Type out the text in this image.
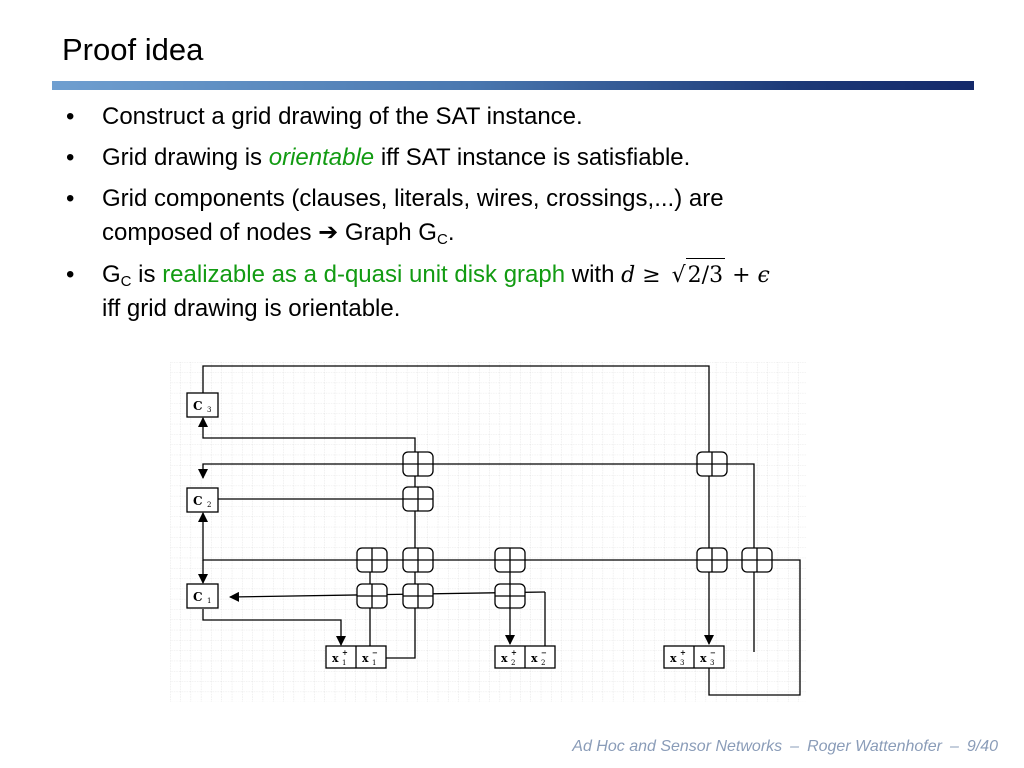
Proof idea
• Construct a grid drawing of the SAT instance.
• Grid drawing is orientable iff SAT instance is satisfiable.
• Grid components (clauses, literals, wires, crossings,...) are
composed of nodes ➔ Graph $G_C$.
• $G_C$ is realizable as a d-quasi unit disk graph with d ≥ √2/3 + ϵ
iff grid drawing is orientable.
C 3
C 2
C 1
x +
1 x −
1	x +
2 x −
2	x +
3 x −
3
Ad Hoc and Sensor Networks – Roger Wattenhofer – 9/40
